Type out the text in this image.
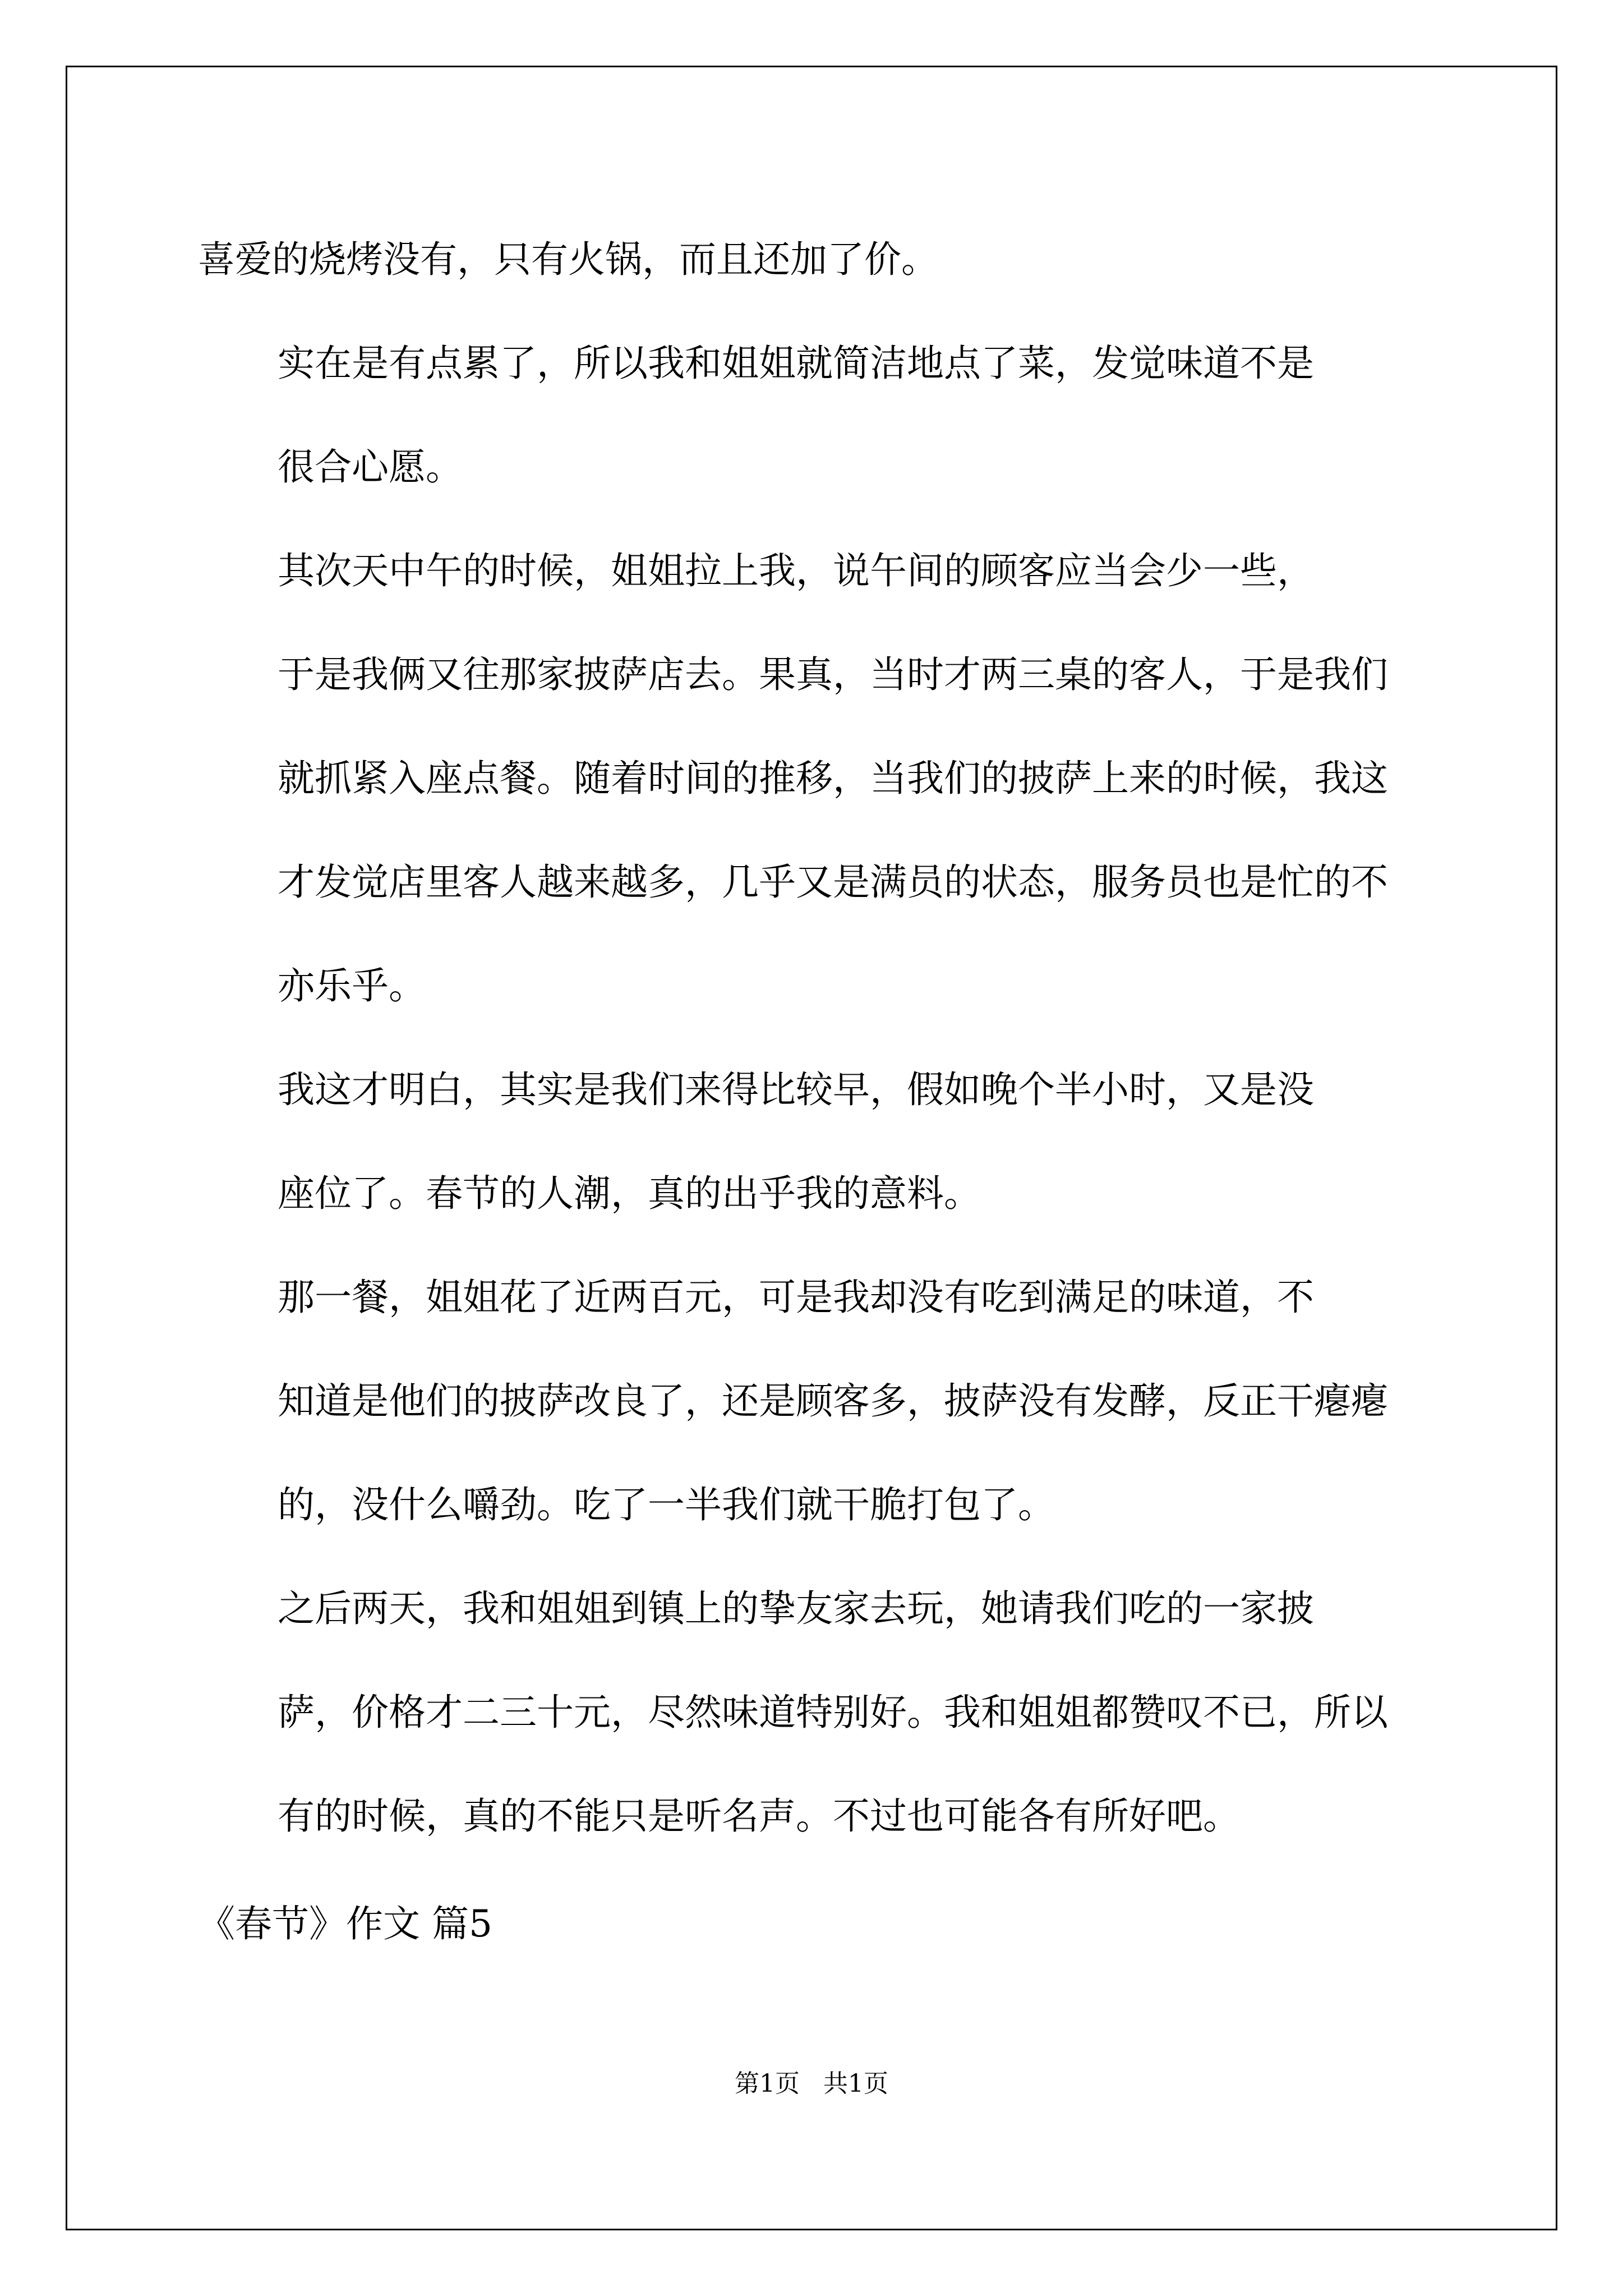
喜爱的烧烤没有，只有火锅，而且还加了价。

实在是有点累了，所以我和姐姐就简洁地点了菜，发觉味道不是
很合心愿。

其次天中午的时候，姐姐拉上我，说午间的顾客应当会少一些，
于是我俩又往那家披萨店去。果真，当时才两三桌的客人，于是我们
就抓紧入座点餐。随着时间的推移，当我们的披萨上来的时候，我这
才发觉店里客人越来越多，几乎又是满员的状态，服务员也是忙的不
亦乐乎。

我这才明白，其实是我们来得比较早，假如晚个半小时，又是没
座位了。春节的人潮，真的出乎我的意料。

那一餐，姐姐花了近两百元，可是我却没有吃到满足的味道，不
知道是他们的披萨改良了，还是顾客多，披萨没有发酵，反正干瘪瘪
的，没什么嚼劲。吃了一半我们就干脆打包了。

之后两天，我和姐姐到镇上的挚友家去玩，她请我们吃的一家披
萨，价格才二三十元，尽然味道特别好。我和姐姐都赞叹不已，所以
有的时候，真的不能只是听名声。不过也可能各有所好吧。

《春节》作文 篇5
第1页   共1页
